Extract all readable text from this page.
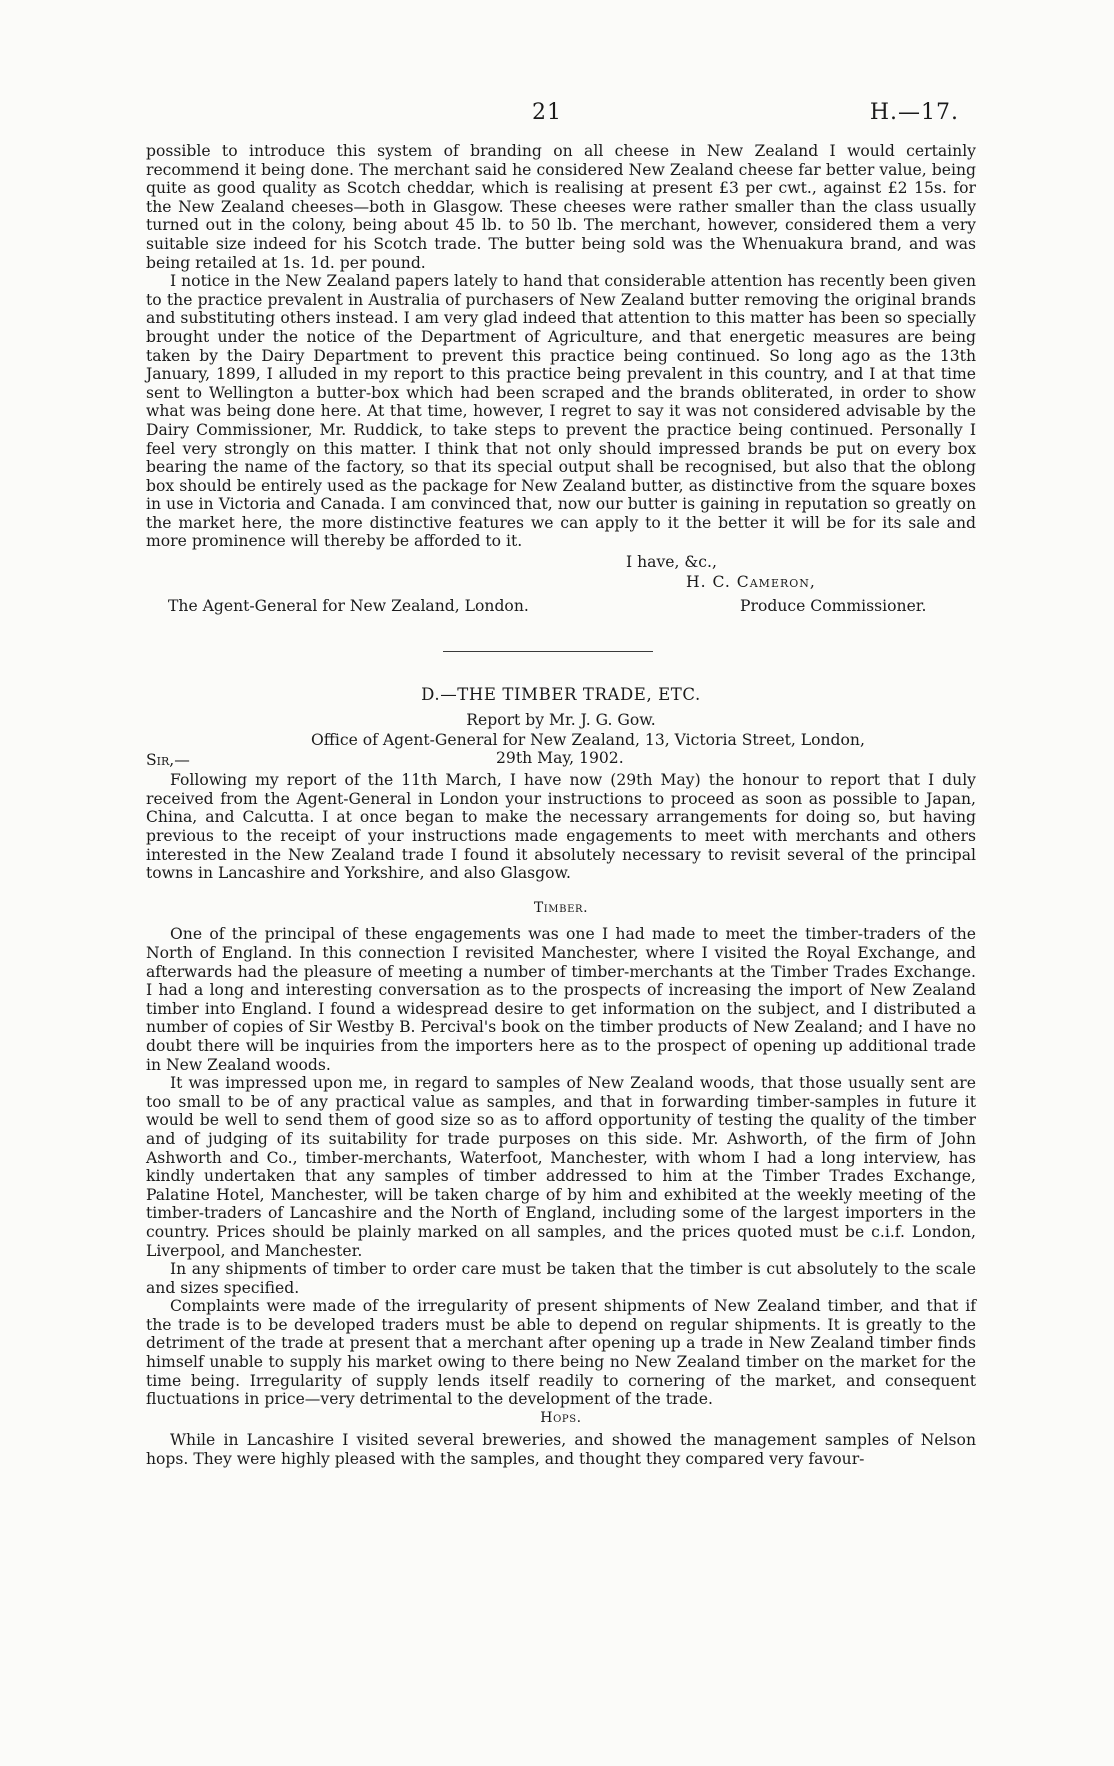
21	H.—17.

possible to introduce this system of branding on all cheese in New Zealand I would certainly recommend it being done. The merchant said he considered New Zealand cheese far better value, being quite as good quality as Scotch cheddar, which is realising at present £3 per cwt., against £2 15s. for the New Zealand cheeses—both in Glasgow. These cheeses were rather smaller than the class usually turned out in the colony, being about 45 lb. to 50 lb. The merchant, however, considered them a very suitable size indeed for his Scotch trade. The butter being sold was the Whenuakura brand, and was being retailed at 1s. 1d. per pound.

I notice in the New Zealand papers lately to hand that considerable attention has recently been given to the practice prevalent in Australia of purchasers of New Zealand butter removing the original brands and substituting others instead. I am very glad indeed that attention to this matter has been so specially brought under the notice of the Department of Agriculture, and that energetic measures are being taken by the Dairy Department to prevent this practice being continued. So long ago as the 13th January, 1899, I alluded in my report to this practice being prevalent in this country, and I at that time sent to Wellington a butter-box which had been scraped and the brands obliterated, in order to show what was being done here. At that time, however, I regret to say it was not considered advisable by the Dairy Commissioner, Mr. Ruddick, to take steps to prevent the practice being continued. Personally I feel very strongly on this matter. I think that not only should impressed brands be put on every box bearing the name of the factory, so that its special output shall be recognised, but also that the oblong box should be entirely used as the package for New Zealand butter, as distinctive from the square boxes in use in Victoria and Canada. I am convinced that, now our butter is gaining in reputation so greatly on the market here, the more distinctive features we can apply to it the better it will be for its sale and more prominence will thereby be afforded to it.

I have, &c.,
H. C. Cameron,
The Agent-General for New Zealand, London.	Produce Commissioner.
D.—THE TIMBER TRADE, ETC.
Report by Mr. J. G. Gow.
Office of Agent-General for New Zealand, 13, Victoria Street, London,
29th May, 1902.
Sir,—

Following my report of the 11th March, I have now (29th May) the honour to report that I duly received from the Agent-General in London your instructions to proceed as soon as possible to Japan, China, and Calcutta. I at once began to make the necessary arrangements for doing so, but having previous to the receipt of your instructions made engagements to meet with merchants and others interested in the New Zealand trade I found it absolutely necessary to revisit several of the principal towns in Lancashire and Yorkshire, and also Glasgow.

Timber.

One of the principal of these engagements was one I had made to meet the timber-traders of the North of England. In this connection I revisited Manchester, where I visited the Royal Exchange, and afterwards had the pleasure of meeting a number of timber-merchants at the Timber Trades Exchange. I had a long and interesting conversation as to the prospects of increasing the import of New Zealand timber into England. I found a widespread desire to get information on the subject, and I distributed a number of copies of Sir Westby B. Percival's book on the timber products of New Zealand; and I have no doubt there will be inquiries from the importers here as to the prospect of opening up additional trade in New Zealand woods.

It was impressed upon me, in regard to samples of New Zealand woods, that those usually sent are too small to be of any practical value as samples, and that in forwarding timber-samples in future it would be well to send them of good size so as to afford opportunity of testing the quality of the timber and of judging of its suitability for trade purposes on this side. Mr. Ashworth, of the firm of John Ashworth and Co., timber-merchants, Waterfoot, Manchester, with whom I had a long interview, has kindly undertaken that any samples of timber addressed to him at the Timber Trades Exchange, Palatine Hotel, Manchester, will be taken charge of by him and exhibited at the weekly meeting of the timber-traders of Lancashire and the North of England, including some of the largest importers in the country. Prices should be plainly marked on all samples, and the prices quoted must be c.i.f. London, Liverpool, and Manchester.

In any shipments of timber to order care must be taken that the timber is cut absolutely to the scale and sizes specified.

Complaints were made of the irregularity of present shipments of New Zealand timber, and that if the trade is to be developed traders must be able to depend on regular shipments. It is greatly to the detriment of the trade at present that a merchant after opening up a trade in New Zealand timber finds himself unable to supply his market owing to there being no New Zealand timber on the market for the time being. Irregularity of supply lends itself readily to cornering of the market, and consequent fluctuations in price—very detrimental to the development of the trade.

Hops.

While in Lancashire I visited several breweries, and showed the management samples of Nelson hops. They were highly pleased with the samples, and thought they compared very favour-
